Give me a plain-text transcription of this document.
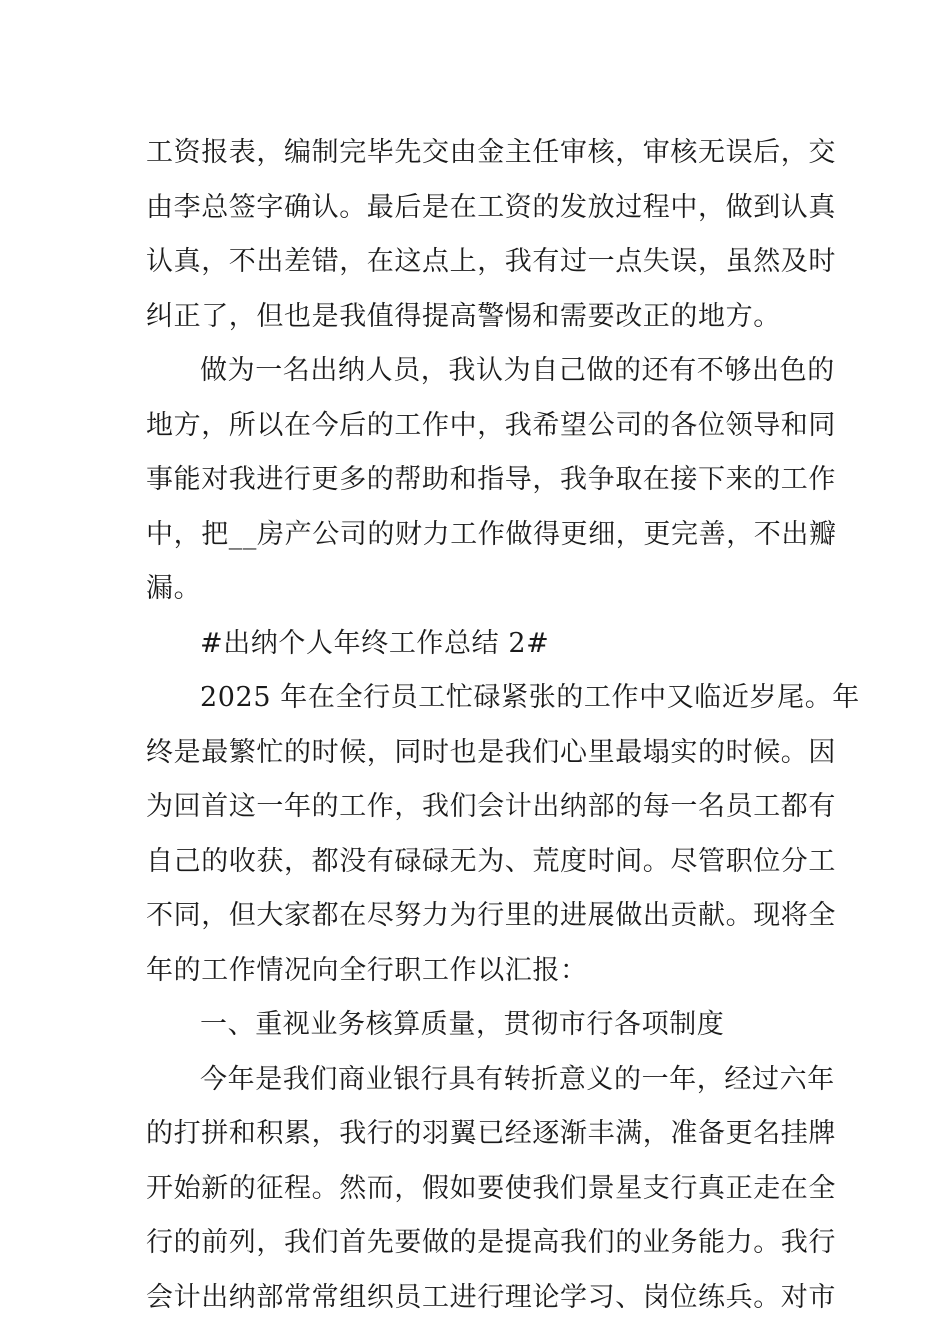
工资报表，编制完毕先交由金主任审核，审核无误后，交
由李总签字确认。最后是在工资的发放过程中，做到认真
认真，不出差错，在这点上，我有过一点失误，虽然及时
纠正了，但也是我值得提高警惕和需要改正的地方。
做为一名出纳人员，我认为自己做的还有不够出色的
地方，所以在今后的工作中，我希望公司的各位领导和同
事能对我进行更多的帮助和指导，我争取在接下来的工作
中，把__房产公司的财力工作做得更细，更完善，不出瓣
漏。
#出纳个人年终工作总结 2#
2025 年在全行员工忙碌紧张的工作中又临近岁尾。年
终是最繁忙的时候，同时也是我们心里最塌实的时候。因
为回首这一年的工作，我们会计出纳部的每一名员工都有
自己的收获，都没有碌碌无为、荒度时间。尽管职位分工
不同，但大家都在尽努力为行里的进展做出贡献。现将全
年的工作情况向全行职工作以汇报：
一、重视业务核算质量，贯彻市行各项制度
今年是我们商业银行具有转折意义的一年，经过六年
的打拼和积累，我行的羽翼已经逐渐丰满，准备更名挂牌
开始新的征程。然而，假如要使我们景星支行真正走在全
行的前列，我们首先要做的是提高我们的业务能力。我行
会计出纳部常常组织员工进行理论学习、岗位练兵。对市
